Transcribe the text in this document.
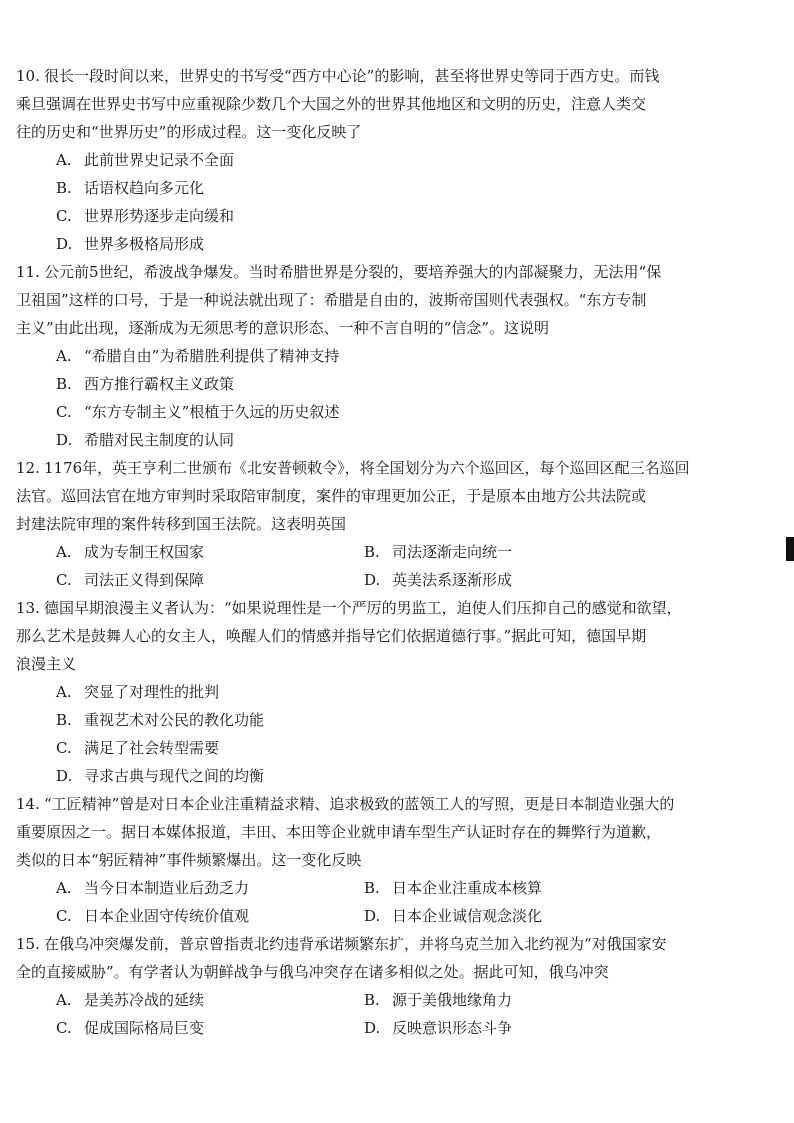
10. 很长一段时间以来，世界史的书写受“西方中心论”的影响，甚至将世界史等同于西方史。而钱
乘旦强调在世界史书写中应重视除少数几个大国之外的世界其他地区和文明的历史，注意人类交
往的历史和“世界历史”的形成过程。这一变化反映了
A. 此前世界史记录不全面
B. 话语权趋向多元化
C. 世界形势逐步走向缓和
D. 世界多极格局形成
11. 公元前5世纪，希波战争爆发。当时希腊世界是分裂的，要培养强大的内部凝聚力，无法用“保
卫祖国”这样的口号，于是一种说法就出现了：希腊是自由的，波斯帝国则代表强权。“东方专制
主义”由此出现，逐渐成为无须思考的意识形态、一种不言自明的“信念”。这说明
A. “希腊自由”为希腊胜利提供了精神支持
B. 西方推行霸权主义政策
C. “东方专制主义”根植于久远的历史叙述
D. 希腊对民主制度的认同
12. 1176年，英王亨利二世颁布《北安普顿敕令》，将全国划分为六个巡回区，每个巡回区配三名巡回
法官。巡回法官在地方审判时采取陪审制度，案件的审理更加公正，于是原本由地方公共法院或
封建法院审理的案件转移到国王法院。这表明英国
A. 成为专制王权国家	B. 司法逐渐走向统一
C. 司法正义得到保障	D. 英美法系逐渐形成
13. 德国早期浪漫主义者认为：“如果说理性是一个严厉的男监工，迫使人们压抑自己的感觉和欲望，
那么艺术是鼓舞人心的女主人，唤醒人们的情感并指导它们依据道德行事。”据此可知，德国早期
浪漫主义
A. 突显了对理性的批判
B. 重视艺术对公民的教化功能
C. 满足了社会转型需要
D. 寻求古典与现代之间的均衡
14. “工匠精神”曾是对日本企业注重精益求精、追求极致的蓝领工人的写照，更是日本制造业强大的
重要原因之一。据日本媒体报道，丰田、本田等企业就申请车型生产认证时存在的舞弊行为道歉，
类似的日本“躬匠精神”事件频繁爆出。这一变化反映
A. 当今日本制造业后劲乏力	B. 日本企业注重成本核算
C. 日本企业固守传统价值观	D. 日本企业诚信观念淡化
15. 在俄乌冲突爆发前，普京曾指责北约违背承诺频繁东扩，并将乌克兰加入北约视为“对俄国家安
全的直接威胁”。有学者认为朝鲜战争与俄乌冲突存在诸多相似之处。据此可知，俄乌冲突
A. 是美苏冷战的延续	B. 源于美俄地缘角力
C. 促成国际格局巨变	D. 反映意识形态斗争
